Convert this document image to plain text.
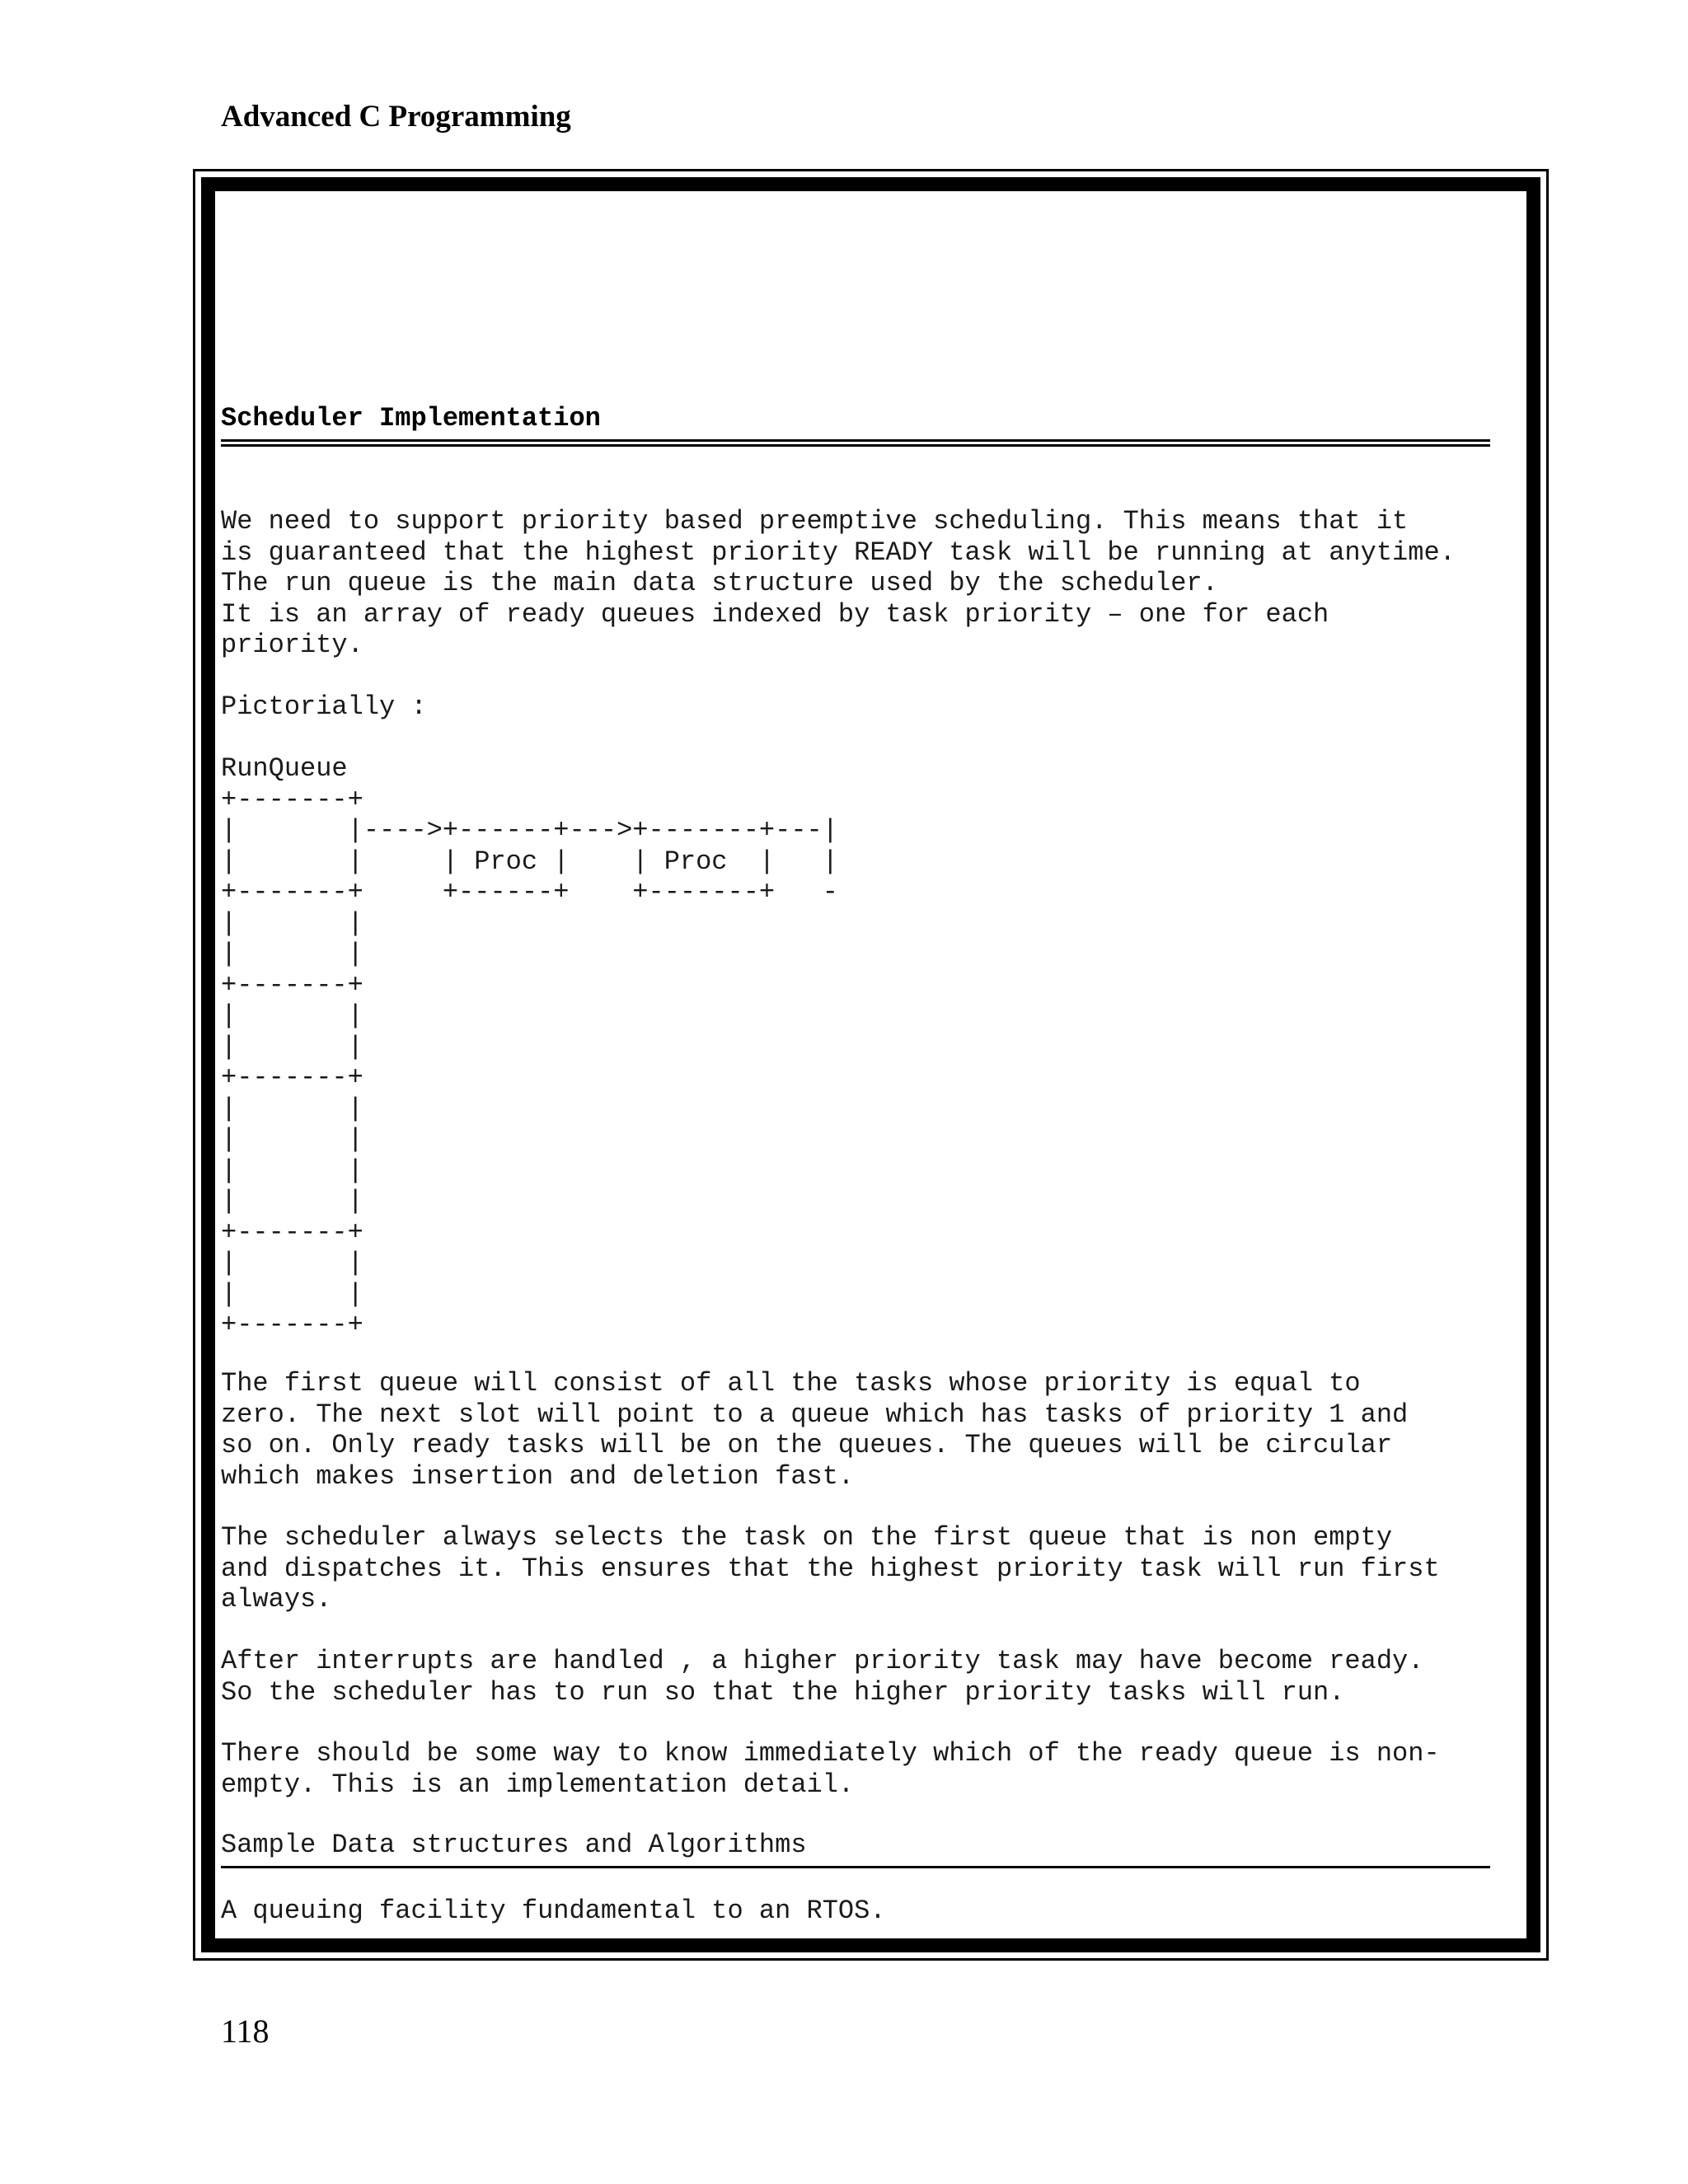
Advanced C Programming
Scheduler Implementation
We need to support priority based preemptive scheduling. This means that it
is guaranteed that the highest priority READY task will be running at anytime.
The run queue is the main data structure used by the scheduler.
It is an array of ready queues indexed by task priority – one for each
priority.
Pictorially :
RunQueue
+-------+
|       |---->+------+--->+-------+---|
|       |     | Proc |    | Proc  |   |
+-------+     +------+    +-------+   -
|       |
|       |
+-------+
|       |
|       |
+-------+
|       |
|       |
|       |
|       |
+-------+
|       |
|       |
+-------+
The first queue will consist of all the tasks whose priority is equal to
zero. The next slot will point to a queue which has tasks of priority 1 and
so on. Only ready tasks will be on the queues. The queues will be circular
which makes insertion and deletion fast.
The scheduler always selects the task on the first queue that is non empty
and dispatches it. This ensures that the highest priority task will run first
always.
After interrupts are handled , a higher priority task may have become ready.
So the scheduler has to run so that the higher priority tasks will run.
There should be some way to know immediately which of the ready queue is non-
empty. This is an implementation detail.
Sample Data structures and Algorithms
A queuing facility fundamental to an RTOS.
118
